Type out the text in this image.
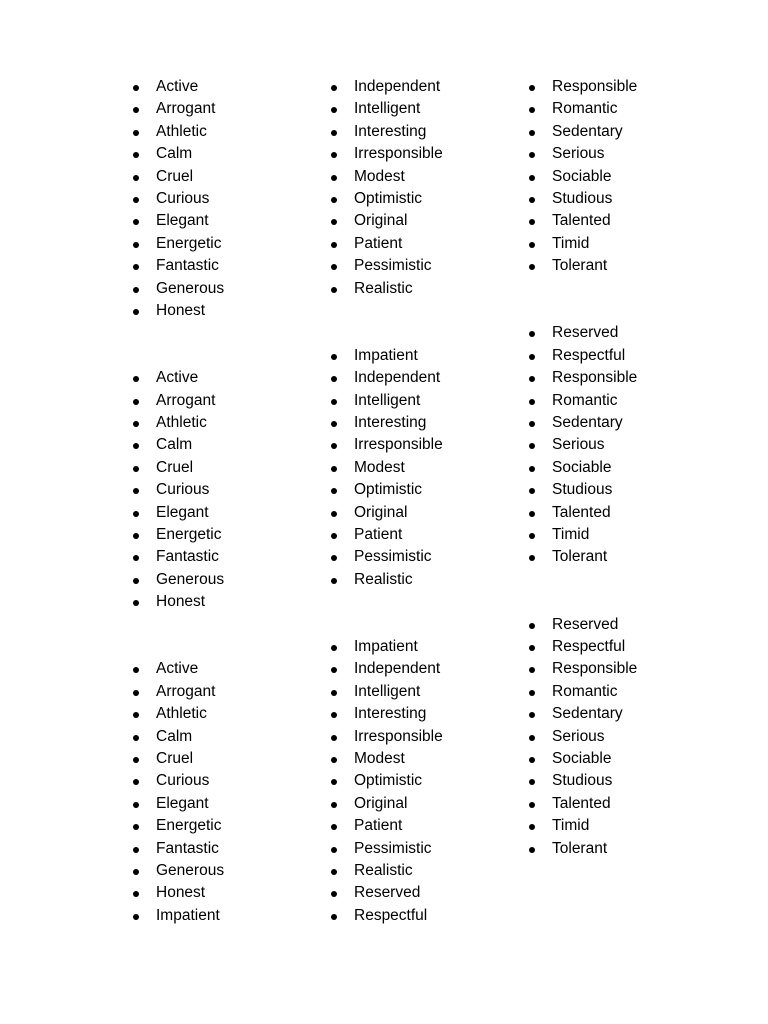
Active
Arrogant
Athletic
Calm
Cruel
Curious
Elegant
Energetic
Fantastic
Generous
Honest
Active
Arrogant
Athletic
Calm
Cruel
Curious
Elegant
Energetic
Fantastic
Generous
Honest
Active
Arrogant
Athletic
Calm
Cruel
Curious
Elegant
Energetic
Fantastic
Generous
Honest
Impatient
Independent
Intelligent
Interesting
Irresponsible
Modest
Optimistic
Original
Patient
Pessimistic
Realistic
Impatient
Independent
Intelligent
Interesting
Irresponsible
Modest
Optimistic
Original
Patient
Pessimistic
Realistic
Impatient
Independent
Intelligent
Interesting
Irresponsible
Modest
Optimistic
Original
Patient
Pessimistic
Realistic
Reserved
Respectful
Responsible
Romantic
Sedentary
Serious
Sociable
Studious
Talented
Timid
Tolerant
Reserved
Respectful
Responsible
Romantic
Sedentary
Serious
Sociable
Studious
Talented
Timid
Tolerant
Reserved
Respectful
Responsible
Romantic
Sedentary
Serious
Sociable
Studious
Talented
Timid
Tolerant
